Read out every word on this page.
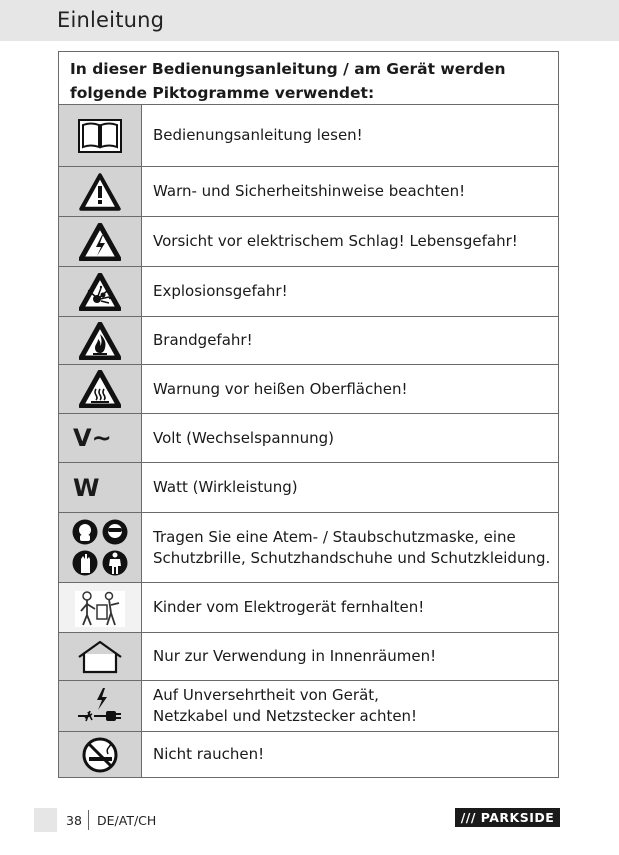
Einleitung
In dieser Bedienungsanleitung / am Gerät werden
folgende Piktogramme verwendet:
Bedienungsanleitung lesen!
Warn- und Sicherheitshinweise beachten!
Vorsicht vor elektrischem Schlag! Lebensgefahr!
Explosionsgefahr!
Brandgefahr!
Warnung vor heißen Oberflächen!
V~	Volt (Wechselspannung)
W	Watt (Wirkleistung)
Tragen Sie eine Atem- / Staubschutzmaske, eine
Schutzbrille, Schutzhandschuhe und Schutzkleidung.
Kinder vom Elektrogerät fernhalten!
Nur zur Verwendung in Innenräumen!
Auf Unversehrtheit von Gerät,
Netzkabel und Netzstecker achten!
Nicht rauchen!
38 DE/AT/CH	/// PARKSIDE
